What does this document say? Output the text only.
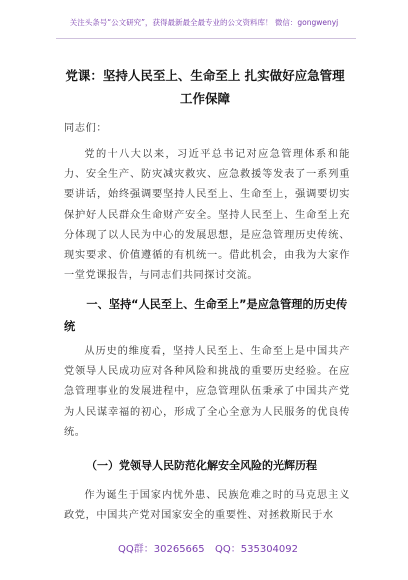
关注头条号“公文研究”，获得最新最全最专业的公文资料库！ 微信：gongwenyj
党课：坚持人民至上、生命至上 扎实做好应急管理工作保障
同志们：
党的十八大以来，习近平总书记对应急管理体系和能力、安全生产、防灾减灾救灾、应急救援等发表了一系列重要讲话，始终强调要坚持人民至上、生命至上，强调要切实保护好人民群众生命财产安全。坚持人民至上、生命至上充分体现了以人民为中心的发展思想，是应急管理历史传统、现实要求、价值遵循的有机统一。借此机会，由我为大家作一堂党课报告，与同志们共同探讨交流。
一、坚持“人民至上、生命至上”是应急管理的历史传统
从历史的维度看，坚持人民至上、生命至上是中国共产党领导人民成功应对各种风险和挑战的重要历史经验。在应急管理事业的发展进程中，应急管理队伍秉承了中国共产党为人民谋幸福的初心，形成了全心全意为人民服务的优良传统。
（一）党领导人民防范化解安全风险的光辉历程
作为诞生于国家内忧外患、民族危难之时的马克思主义政党，中国共产党对国家安全的重要性、对拯救斯民于水
QQ群：30265665 QQ：535304092
